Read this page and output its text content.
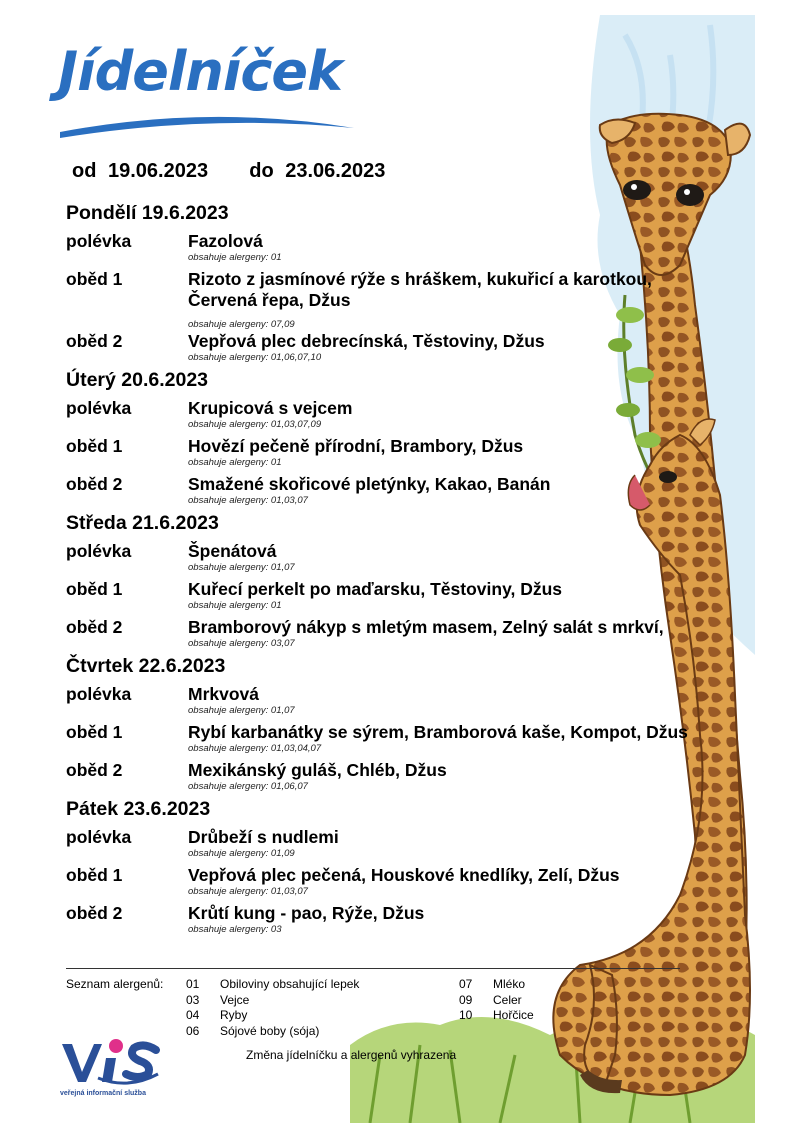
Jídelníček
od 19.06.2023 do 23.06.2023
Pondělí 19.6.2023
polévka	Fazolová
obsahuje alergeny: 01
oběd 1	Rizoto z jasmínové rýže s hráškem, kukuřicí a karotkou,
Červená řepa, Džus
obsahuje alergeny: 07,09
oběd 2	Vepřová plec debrecínská, Těstoviny, Džus
obsahuje alergeny: 01,06,07,10
Úterý 20.6.2023
polévka	Krupicová s vejcem
obsahuje alergeny: 01,03,07,09
oběd 1	Hovězí pečeně přírodní, Brambory, Džus
obsahuje alergeny: 01
oběd 2	Smažené skořicové pletýnky, Kakao, Banán
obsahuje alergeny: 01,03,07
Středa 21.6.2023
polévka	Špenátová
obsahuje alergeny: 01,07
oběd 1	Kuřecí perkelt po maďarsku, Těstoviny, Džus
obsahuje alergeny: 01
oběd 2	Bramborový nákyp s mletým masem, Zelný salát s mrkví,
obsahuje alergeny: 03,07
Čtvrtek 22.6.2023
polévka	Mrkvová
obsahuje alergeny: 01,07
oběd 1	Rybí karbanátky se sýrem, Bramborová kaše, Kompot, Džus
obsahuje alergeny: 01,03,04,07
oběd 2	Mexikánský guláš, Chléb, Džus
obsahuje alergeny: 01,06,07
Pátek 23.6.2023
polévka	Drůbeží s nudlemi
obsahuje alergeny: 01,09
oběd 1	Vepřová plec pečená, Houskové knedlíky, Zelí, Džus
obsahuje alergeny: 01,03,07
oběd 2	Krůtí kung - pao, Rýže, Džus
obsahuje alergeny: 03
Seznam alergenů:	01 Obiloviny obsahující lepek
03 Vejce
04 Ryby
06 Sójové boby (sója)
07 Mléko
09 Celer
10 Hořčice
veřejná informační služba
Změna jídelníčku a alergenů vyhrazena
